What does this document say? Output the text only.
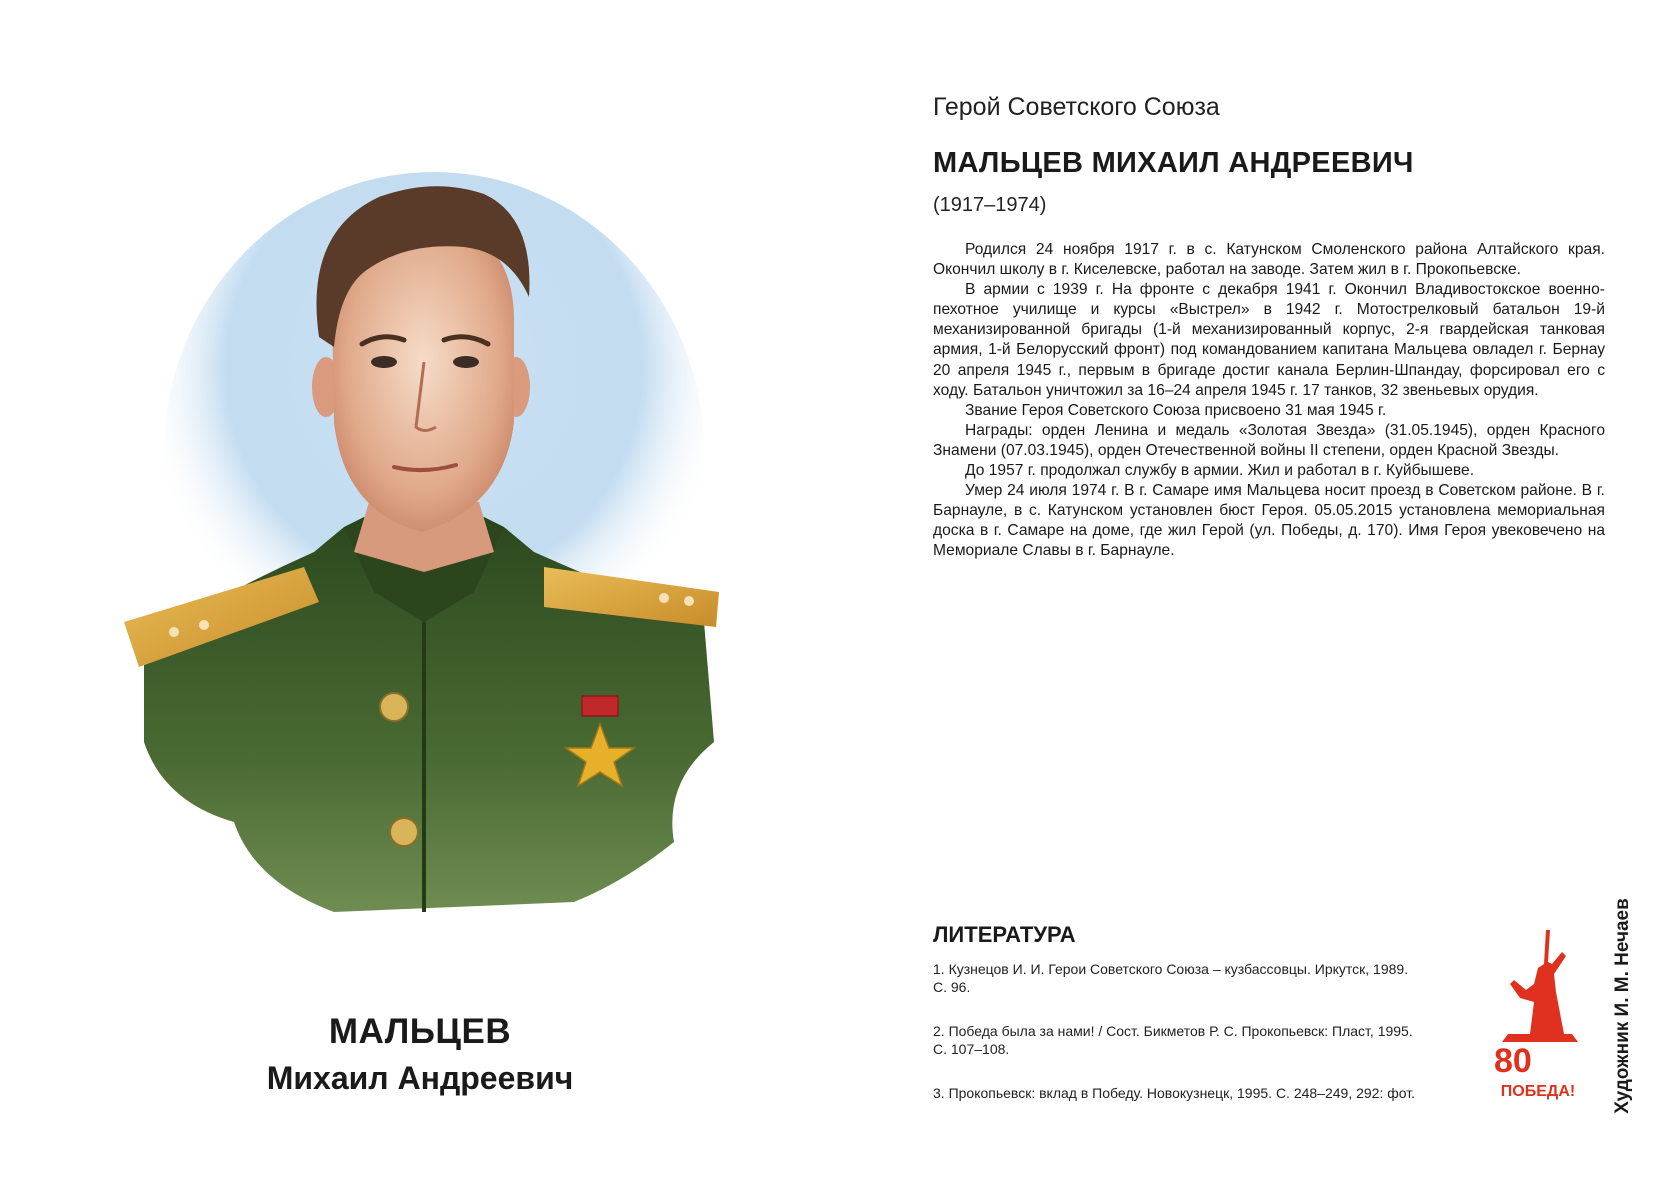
МАЛЬЦЕВ
Михаил Андреевич
Герой Советского Союза
МАЛЬЦЕВ МИХАИЛ АНДРЕЕВИЧ
(1917–1974)

Родился 24 ноября 1917 г. в с. Катунском Смоленского района Алтайского края. Окончил школу в г. Киселевске, работал на заводе. Затем жил в г. Прокопьевске.

В армии с 1939 г. На фронте с декабря 1941 г. Окончил Владивостокское военно-пехотное училище и курсы «Выстрел» в 1942 г. Мотострелковый батальон 19-й механизированной бригады (1-й механизированный корпус, 2-я гвардейская танковая армия, 1-й Белорусский фронт) под командованием капитана Мальцева овладел г. Бернау 20 апреля 1945 г., первым в бригаде достиг канала Берлин-Шпандау, форсировал его с ходу. Батальон уничтожил за 16–24 апреля 1945 г. 17 танков, 32 звеньевых орудия.

Звание Героя Советского Союза присвоено 31 мая 1945 г.

Награды: орден Ленина и медаль «Золотая Звезда» (31.05.1945), орден Красного Знамени (07.03.1945), орден Отечественной войны II степени, орден Красной Звезды.

До 1957 г. продолжал службу в армии. Жил и работал в г. Куйбышеве.

Умер 24 июля 1974 г. В г. Самаре имя Мальцева носит проезд в Советском районе. В г. Барнауле, в с. Катунском установлен бюст Героя. 05.05.2015 установлена мемориальная доска в г. Самаре на доме, где жил Герой (ул. Победы, д. 170). Имя Героя увековечено на Мемориале Славы в г. Барнауле.

ЛИТЕРАТУРА
1. Кузнецов И. И. Герои Советского Союза – кузбассовцы. Иркутск, 1989. С. 96.
2. Победа была за нами! / Сост. Бикметов Р. С. Прокопьевск: Пласт, 1995. С. 107–108.
3. Прокопьевск: вклад в Победу. Новокузнецк, 1995. С. 248–249, 292: фот.
80
ПОБЕДА! Художник И. М. Нечаев
